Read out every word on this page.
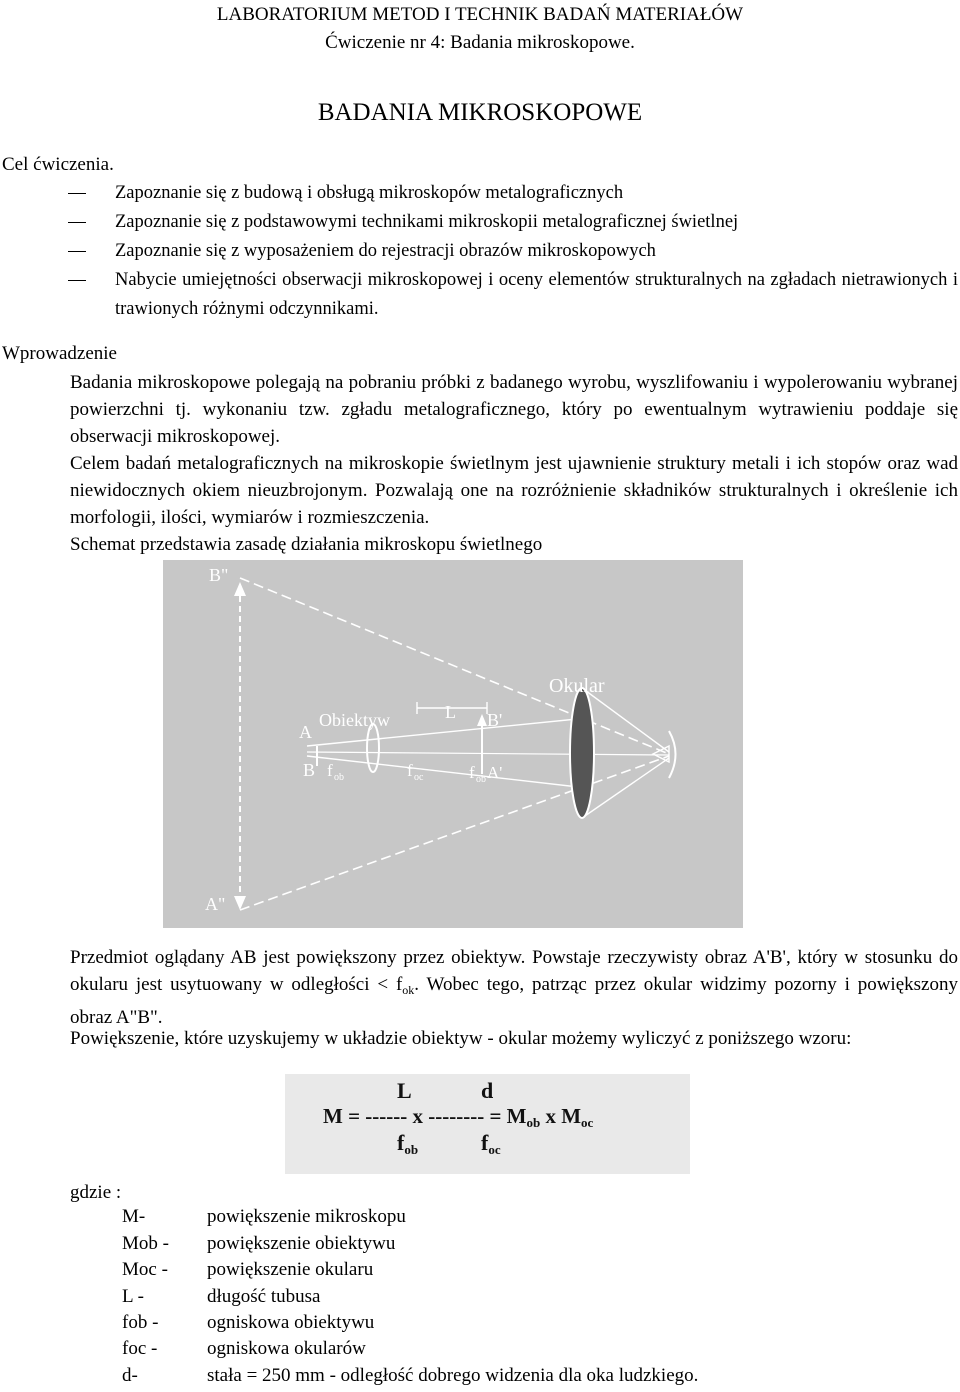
LABORATORIUM METOD I TECHNIK BADAŃ MATERIAŁÓW
Ćwiczenie nr 4: Badania mikroskopowe.
BADANIA MIKROSKOPOWE
Cel ćwiczenia.
Zapoznanie się z budową i obsługą mikroskopów metalograficznych
Zapoznanie się z podstawowymi technikami mikroskopii metalograficznej świetlnej
Zapoznanie się z wyposażeniem do rejestracji obrazów mikroskopowych
Nabycie umiejętności obserwacji mikroskopowej i oceny elementów strukturalnych na zgładach nietrawionych i trawionych różnymi odczynnikami.
Wprowadzenie
Badania mikroskopowe polegają na pobraniu próbki z badanego wyrobu, wyszlifowaniu i wypolerowaniu wybranej powierzchni tj. wykonaniu tzw. zgładu metalograficznego, który po ewentualnym wytrawieniu poddaje się obserwacji mikroskopowej.
Celem badań metalograficznych na mikroskopie świetlnym jest ujawnienie struktury metali i ich stopów oraz wad niewidocznych okiem nieuzbrojonym. Pozwalają one na rozróżnienie składników strukturalnych i określenie ich morfologii, ilości, wymiarów i rozmieszczenia.
Schemat przedstawia zasadę działania mikroskopu świetlnego
B"
A"
Okular
Obiektyw	L B'
A
B f ob	f oc	f ob A'
Przedmiot oglądany AB jest powiększony przez obiektyw. Powstaje rzeczywisty obraz A'B', który w stosunku do okularu jest usytuowany w odległości < $f_{ok}$. Wobec tego, patrząc przez okular widzimy pozorny i powiększony obraz A"B".
Powiększenie, które uzyskujemy w układzie obiektyw - okular możemy wyliczyć z poniższego wzoru:
L	d
M = ------ x -------- = Mob x Moc
fob	foc
gdzie :
M-	powiększenie mikroskopu
Mob - powiększenie obiektywu
Moc - powiększenie okularu
L -	długość tubusa
fob -	ogniskowa obiektywu
foc -	ogniskowa okularów
d-	stała = 250 mm - odległość dobrego widzenia dla oka ludzkiego.
